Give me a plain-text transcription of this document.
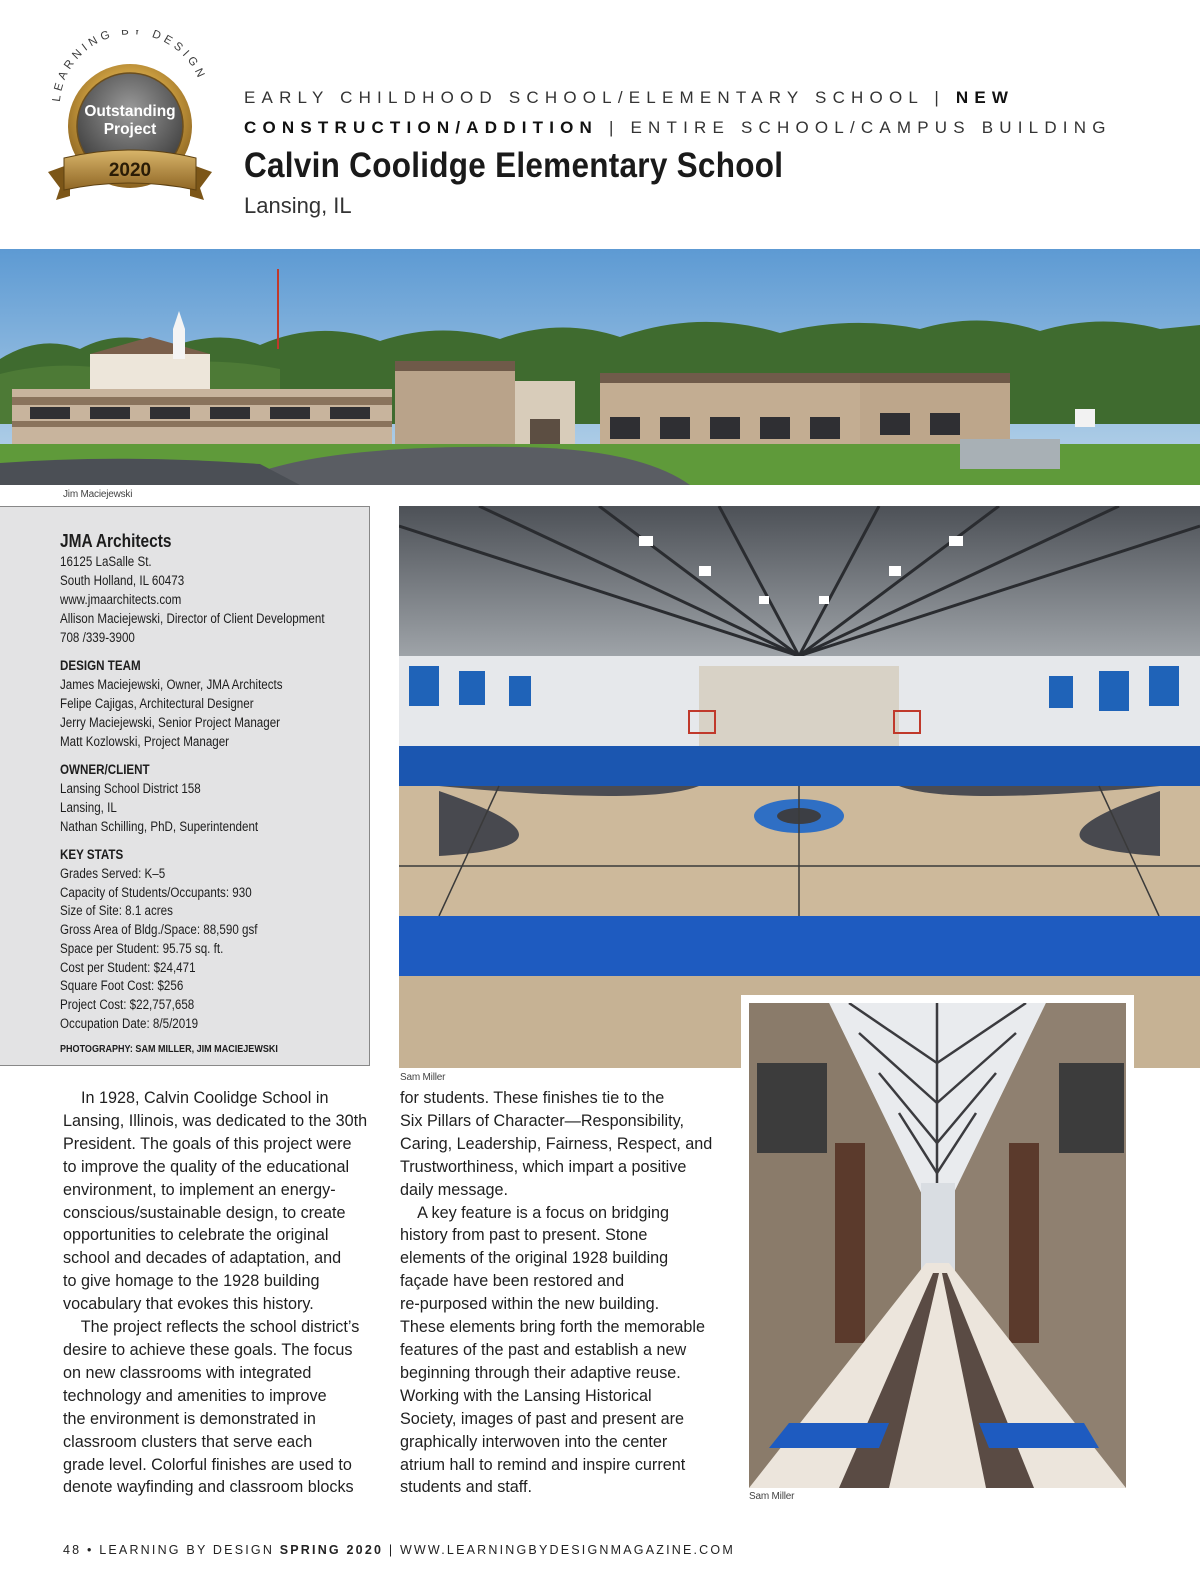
LEARNING BY DESIGN
Outstanding
Project
2020
EARLY CHILDHOOD SCHOOL/ELEMENTARY SCHOOL | NEW
CONSTRUCTION/ADDITION | ENTIRE SCHOOL/CAMPUS BUILDING
Calvin Coolidge Elementary School
Lansing, IL
Jim Maciejewski
JMA Architects
16125 LaSalle St.
South Holland, IL 60473
www.jmaarchitects.com
Allison Maciejewski, Director of Client Development
708 /339-3900
DESIGN TEAM
James Maciejewski, Owner, JMA Architects
Felipe Cajigas, Architectural Designer
Jerry Maciejewski, Senior Project Manager
Matt Kozlowski, Project Manager
OWNER/CLIENT
Lansing School District 158
Lansing, IL
Nathan Schilling, PhD, Superintendent
KEY STATS
Grades Served: K–5
Capacity of Students/Occupants: 930
Size of Site: 8.1 acres
Gross Area of Bldg./Space: 88,590 gsf
Space per Student: 95.75 sq. ft.
Cost per Student: $24,471
Square Foot Cost: $256
Project Cost: $22,757,658
Occupation Date: 8/5/2019
PHOTOGRAPHY: SAM MILLER, JIM MACIEJEWSKI
Sam Miller
Sam Miller
In 1928, Calvin Coolidge School in
Lansing, Illinois, was dedicated to the 30th
President. The goals of this project were
to improve the quality of the educational
environment, to implement an energy-
conscious/sustainable design, to create
opportunities to celebrate the original
school and decades of adaptation, and
to give homage to the 1928 building
vocabulary that evokes this history.
The project reflects the school district’s
desire to achieve these goals. The focus
on new classrooms with integrated
technology and amenities to improve
the environment is demonstrated in
classroom clusters that serve each
grade level. Colorful finishes are used to
denote wayfinding and classroom blocks
for students. These finishes tie to the
Six Pillars of Character—Responsibility,
Caring, Leadership, Fairness, Respect, and
Trustworthiness, which impart a positive
daily message.
A key feature is a focus on bridging
history from past to present. Stone
elements of the original 1928 building
façade have been restored and
re-purposed within the new building.
These elements bring forth the memorable
features of the past and establish a new
beginning through their adaptive reuse.
Working with the Lansing Historical
Society, images of past and present are
graphically interwoven into the center
atrium hall to remind and inspire current
students and staff.
48 • LEARNING BY DESIGN SPRING 2020 | WWW.LEARNINGBYDESIGNMAGAZINE.COM
